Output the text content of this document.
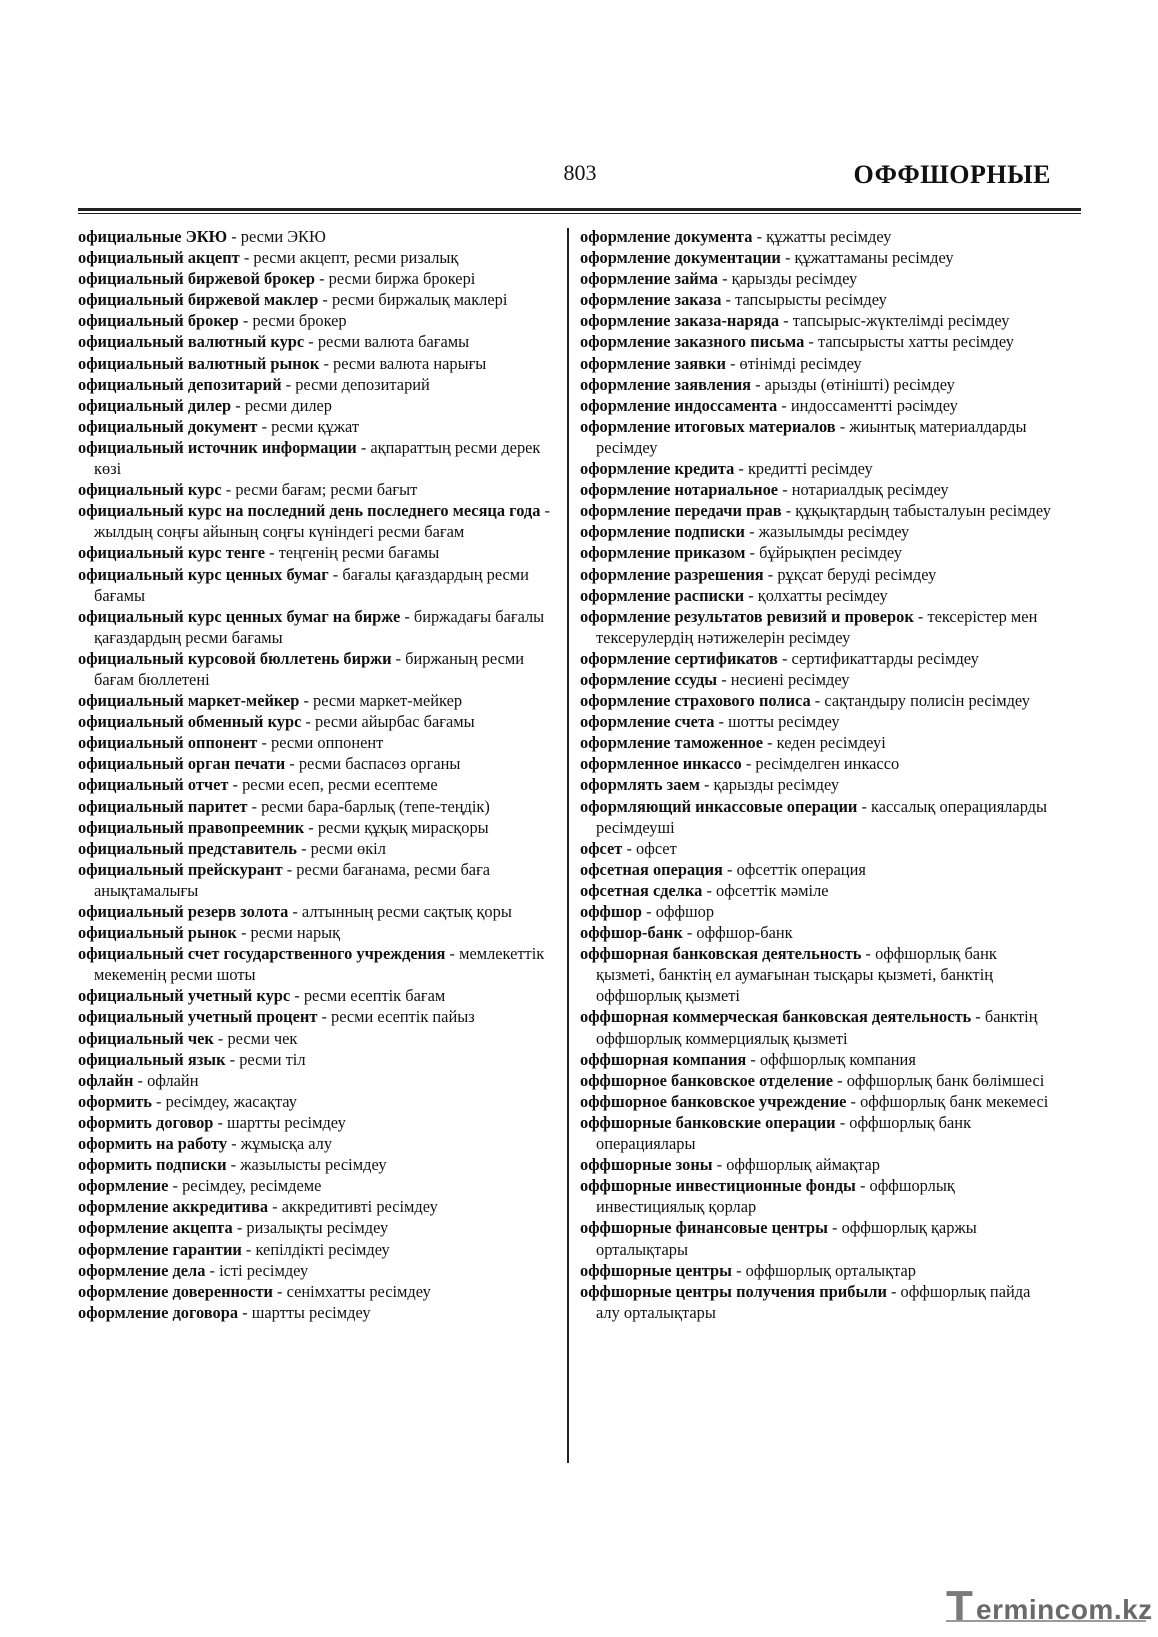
803	ОФФШОРНЫЕ

официальные ЭКЮ - ресми ЭКЮ

официальный акцепт - ресми акцепт, ресми ризалық

официальный биржевой брокер - ресми биржа брокері

официальный биржевой маклер - ресми биржалық маклері

официальный брокер - ресми брокер

официальный валютный курс - ресми валюта бағамы

официальный валютный рынок - ресми валюта нарығы

официальный депозитарий - ресми депозитарий

официальный дилер - ресми дилер

официальный документ - ресми құжат

официальный источник информации - ақпараттың ресми дерек көзі

официальный курс - ресми бағам; ресми бағыт

официальный курс на последний день последнего месяца года - жылдың соңғы айының соңғы күніндегі ресми бағам

официальный курс тенге - теңгенің ресми бағамы

официальный курс ценных бумаг - бағалы қағаздардың ресми бағамы

официальный курс ценных бумаг на бирже - биржадағы бағалы қағаздардың ресми бағамы

официальный курсовой бюллетень биржи - биржаның ресми бағам бюллетені

официальный маркет-мейкер - ресми маркет-мейкер

официальный обменный курс - ресми айырбас бағамы

официальный оппонент - ресми оппонент

официальный орган печати - ресми баспасөз органы

официальный отчет - ресми есеп, ресми есептеме

официальный паритет - ресми бара-барлық (тепе-теңдік)

официальный правопреемник - ресми құқық мирасқоры

официальный представитель - ресми өкіл

официальный прейскурант - ресми бағанама, ресми баға анықтамалығы

официальный резерв золота - алтынның ресми сақтық қоры

официальный рынок - ресми нарық

официальный счет государственного учреждения - мемлекеттік мекеменің ресми шоты

официальный учетный курс - ресми есептік бағам

официальный учетный процент - ресми есептік пайыз

официальный чек - ресми чек

официальный язык - ресми тіл

офлайн - офлайн

оформить - ресімдеу, жасақтау

оформить договор - шартты ресімдеу

оформить на работу - жұмысқа алу

оформить подписки - жазылысты ресімдеу

оформление - ресімдеу, ресімдеме

оформление аккредитива - аккредитивті ресімдеу

оформление акцепта - ризалықты ресімдеу

оформление гарантии - кепілдікті ресімдеу

оформление дела - істі ресімдеу

оформление доверенности - сенімхатты ресімдеу

оформление договора - шартты ресімдеу

оформление документа - құжатты ресімдеу

оформление документации - құжаттаманы ресімдеу

оформление займа - қарызды ресімдеу

оформление заказа - тапсырысты ресімдеу

оформление заказа-наряда - тапсырыс-жүктелімді ресімдеу

оформление заказного письма - тапсырысты хатты ресімдеу

оформление заявки - өтінімді ресімдеу

оформление заявления - арызды (өтінішті) ресімдеу

оформление индоссамента - индоссаментті рәсімдеу

оформление итоговых материалов - жиынтық материалдарды ресімдеу

оформление кредита - кредитті ресімдеу

оформление нотариальное - нотариалдық ресімдеу

оформление передачи прав - құқықтардың табысталуын ресімдеу

оформление подписки - жазылымды ресімдеу

оформление приказом - бұйрықпен ресімдеу

оформление разрешения - рұқсат беруді ресімдеу

оформление расписки - қолхатты ресімдеу

оформление результатов ревизий и проверок - тексерістер мен тексерулердің нәтижелерін ресімдеу

оформление сертификатов - сертификаттарды ресімдеу

оформление ссуды - несиені ресімдеу

оформление страхового полиса - сақтандыру полисін ресімдеу

оформление счета - шотты ресімдеу

оформление таможенное - кеден ресімдеуі

оформленное инкассо - ресімделген инкассо

оформлять заем - қарызды ресімдеу

оформляющий инкассовые операции - кассалық операцияларды ресімдеуші

офсет - офсет

офсетная операция - офсеттік операция

офсетная сделка - офсеттік мәміле

оффшор - оффшор

оффшор-банк - оффшор-банк

оффшорная банковская деятельность - оффшорлық банк қызметі, банктің ел аумағынан тысқары қызметі, банктің оффшорлық қызметі

оффшорная коммерческая банковская деятельность - банктің оффшорлық коммерциялық қызметі

оффшорная компания - оффшорлық компания

оффшорное банковское отделение - оффшорлық банк бөлімшесі

оффшорное банковское учреждение - оффшорлық банк мекемесі

оффшорные банковские операции - оффшорлық банк операциялары

оффшорные зоны - оффшорлық аймақтар

оффшорные инвестиционные фонды - оффшорлық инвестициялық қорлар

оффшорные финансовые центры - оффшорлық қаржы орталықтары

оффшорные центры - оффшорлық орталықтар

оффшорные центры получения прибыли - оффшорлық пайда алу орталықтары

T ermincom.kz
